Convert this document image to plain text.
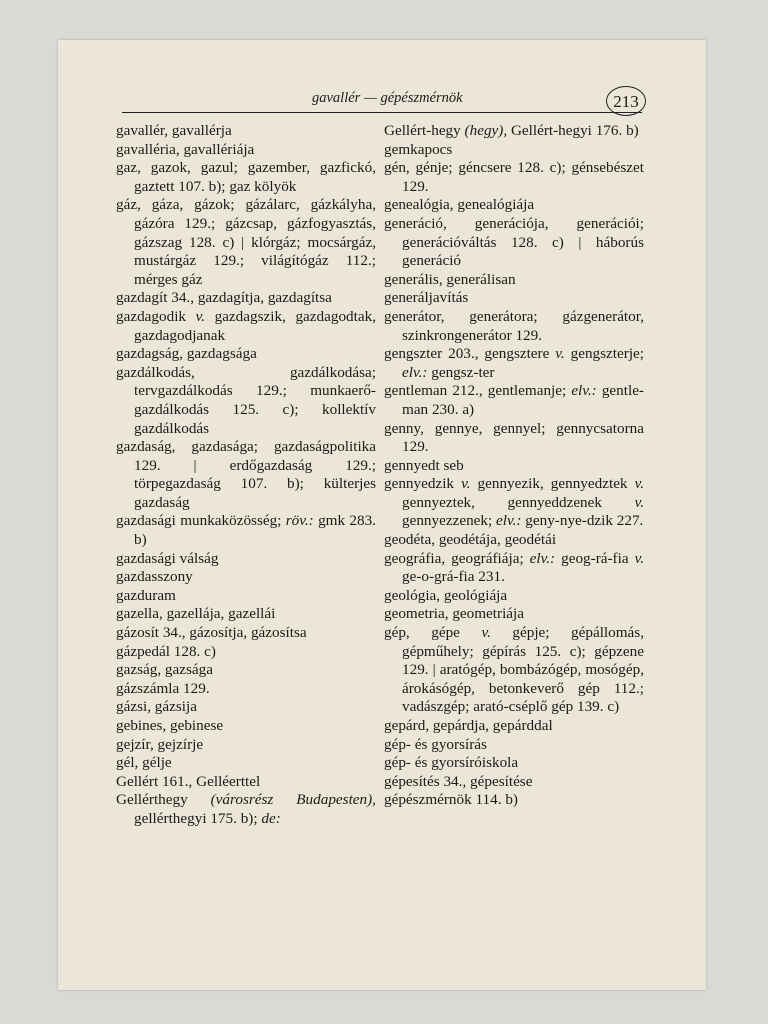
gavallér — gépészmérnök	213

gavallér, gavallérja

gavalléria, gavallériája

gaz, gazok, gazul; gazember, gazfickó, gaztett 107. b); gaz kölyök

gáz, gáza, gázok; gázálarc, gázkályha, gázóra 129.; gázcsap, gázfogyasztás, gázszag 128. c) | klórgáz; mocsárgáz, mustárgáz 129.; világítógáz 112.; mérges gáz

gazdagít 34., gazdagítja, gazdagítsa

gazdagodik v. gazdagszik, gazdagodtak, gazdagodjanak

gazdagság, gazdagsága

gazdálkodás, gazdálkodása; tervgazdálkodás 129.; munkaerő-gazdálkodás 125. c); kollektív gazdálkodás

gazdaság, gazdasága; gazdaságpolitika 129. | erdőgazdaság 129.; törpegazdaság 107. b); külterjes gazdaság

gazdasági munkaközösség; röv.: gmk 283. b)

gazdasági válság

gazdasszony

gazduram

gazella, gazellája, gazellái

gázosít 34., gázosítja, gázosítsa

gázpedál 128. c)

gazság, gazsága

gázszámla 129.

gázsi, gázsija

gebines, gebinese

gejzír, gejzírje

gél, gélje

Gellért 161., Gelléerttel

Gellérthegy (városrész Budapesten), gellérthegyi 175. b); de:

Gellért-hegy (hegy), Gellért-hegyi 176. b)

gemkapocs

gén, génje; géncsere 128. c); génsebészet 129.

genealógia, genealógiája

generáció, generációja, generációi; generációváltás 128. c) | háborús generáció

generális, generálisan

generáljavítás

generátor, generátora; gázgenerátor, szinkrongenerátor 129.

gengszter 203., gengsztere v. gengszterje; elv.: gengsz-ter

gentleman 212., gentlemanje; elv.: gentle-man 230. a)

genny, gennye, gennyel; gennycsatorna 129.

gennyedt seb

gennyedzik v. gennyezik, gennyedztek v. gennyeztek, gennyeddzenek v. gennyezzenek; elv.: geny-nye-dzik 227.

geodéta, geodétája, geodétái

geográfia, geográfiája; elv.: geog-rá-fia v. ge-o-grá-fia 231.

geológia, geológiája

geometria, geometriája

gép, gépe v. gépje; gépállomás, gépműhely; gépírás 125. c); gépzene 129. | aratógép, bombázógép, mosógép, árokásógép, betonkeverő gép 112.; vadászgép; arató-cséplő gép 139. c)

gepárd, gepárdja, gepárddal

gép- és gyorsírás

gép- és gyorsíróiskola

gépesítés 34., gépesítése

gépészmérnök 114. b)
